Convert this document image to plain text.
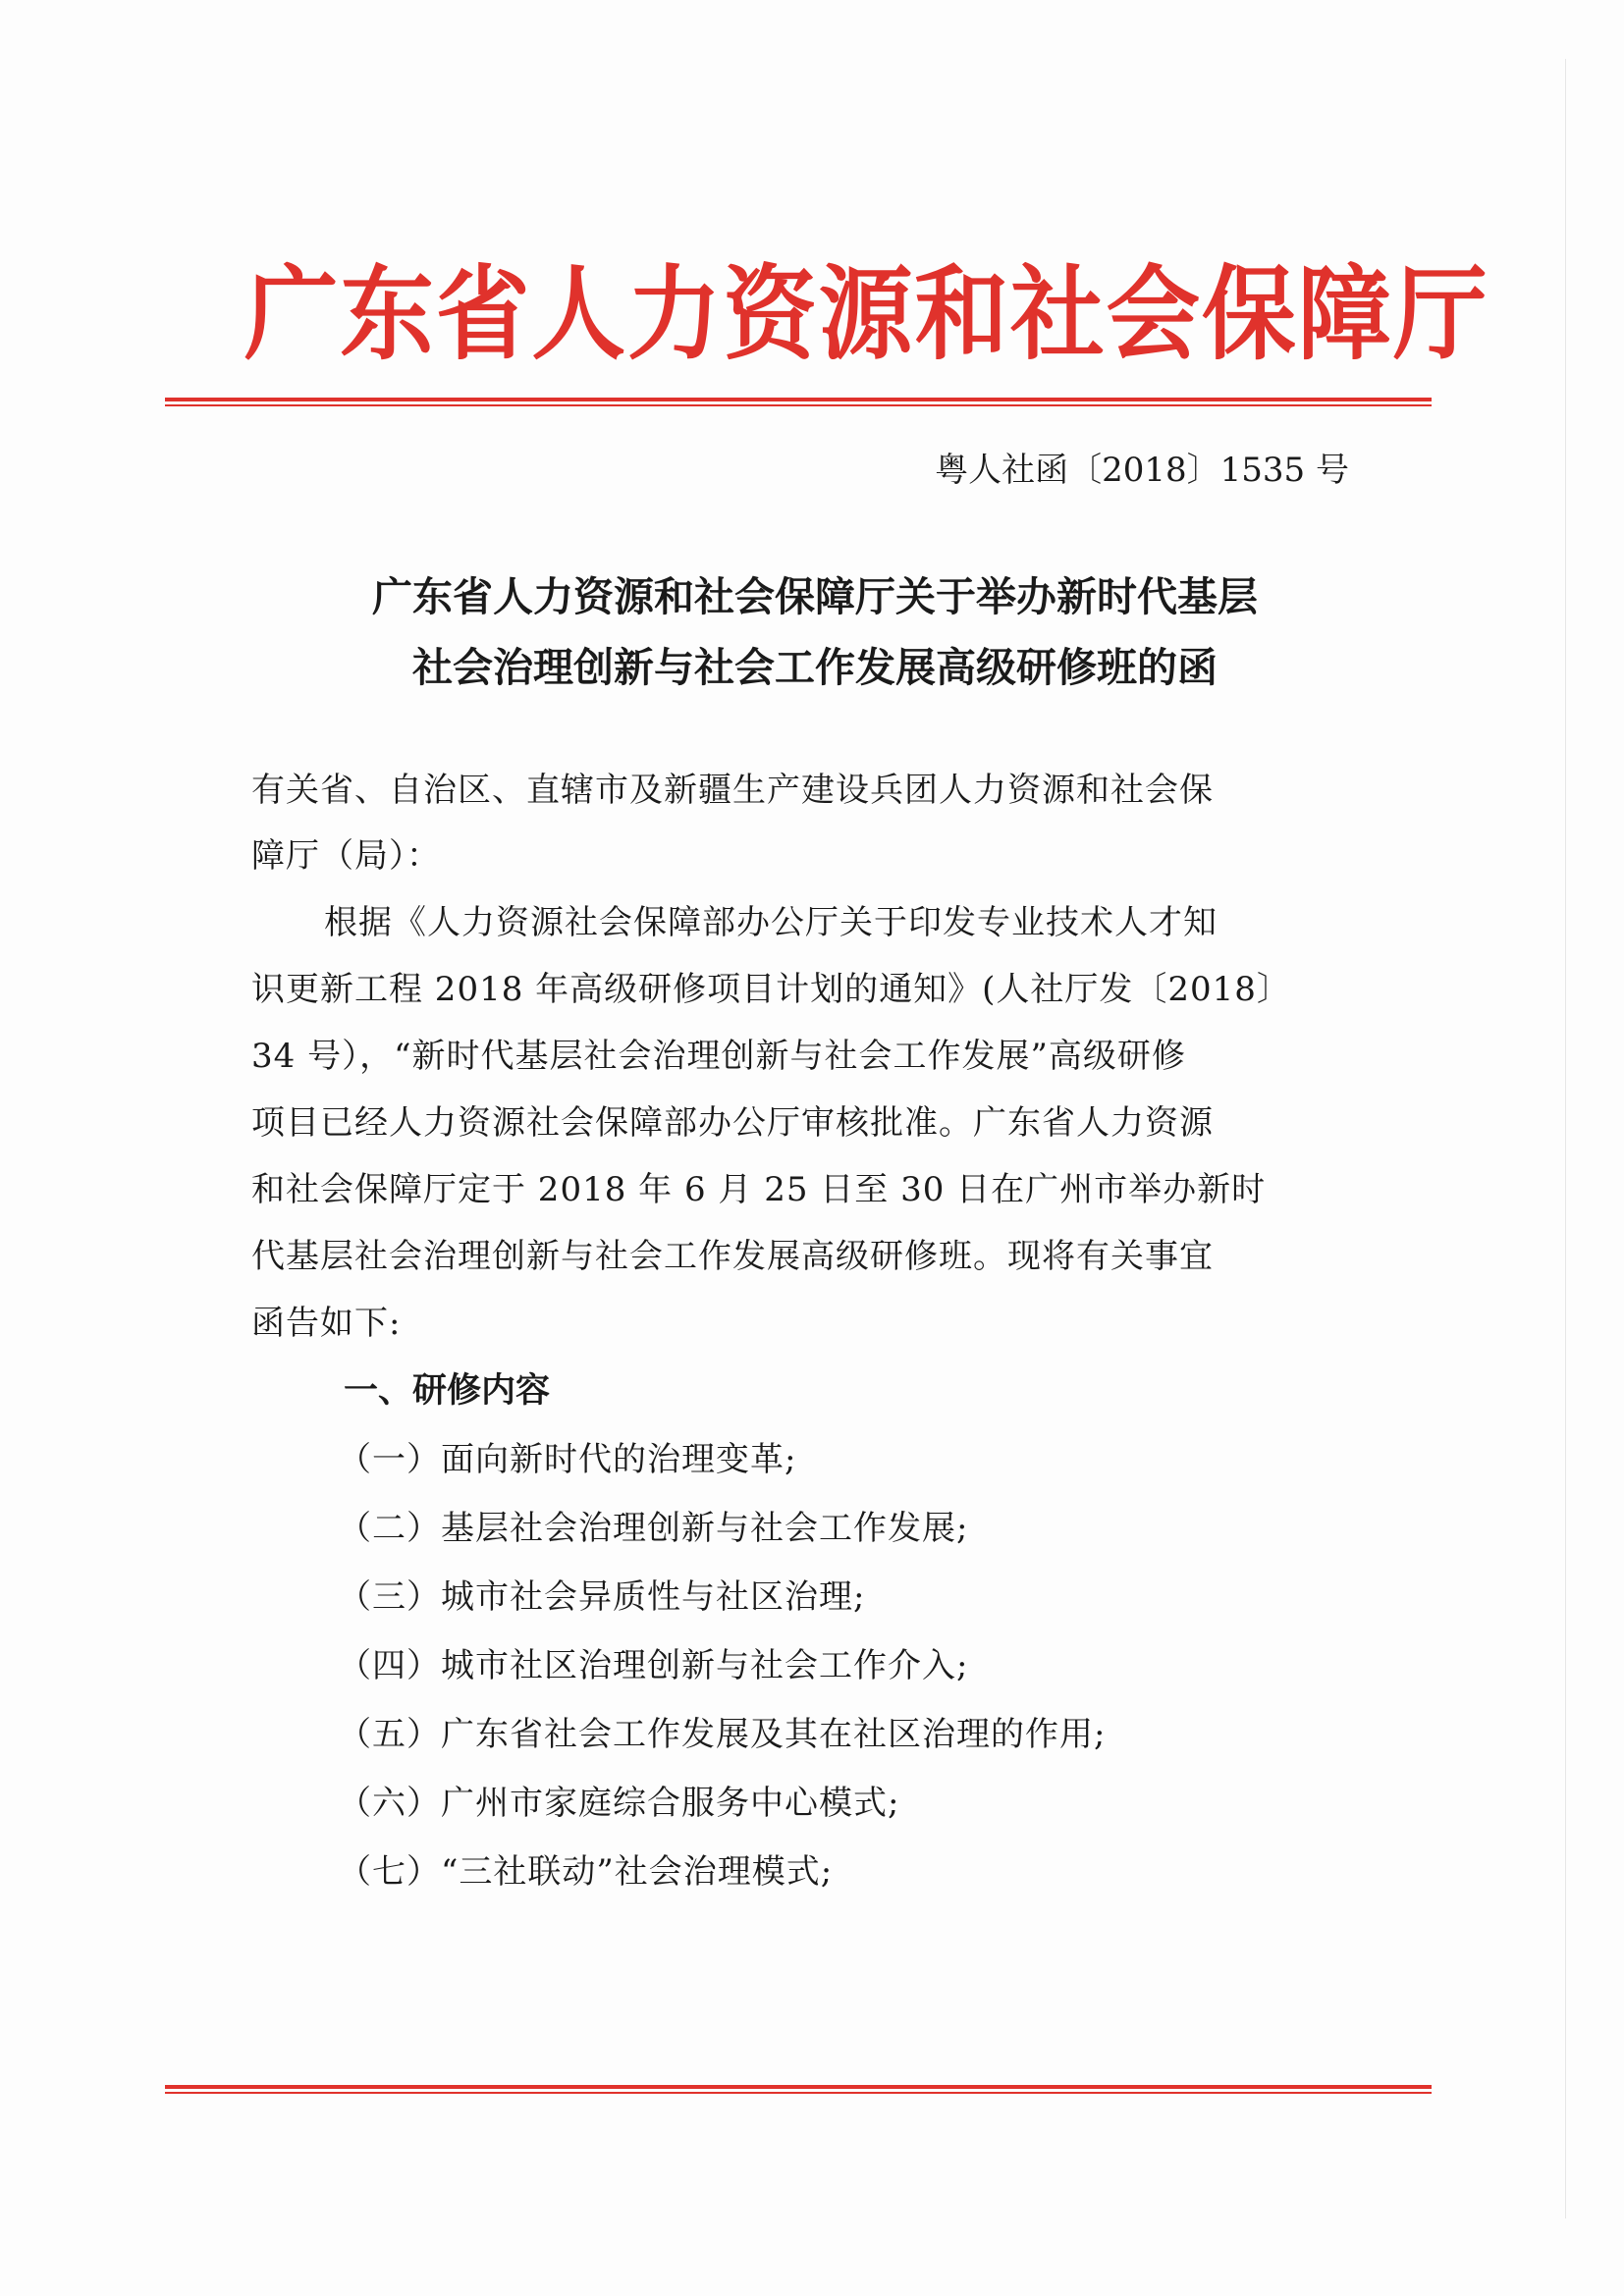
广东省人力资源和社会保障厅
粤人社函〔2018〕1535 号
广东省人力资源和社会保障厅关于举办新时代基层
社会治理创新与社会工作发展高级研修班的函
有关省、自治区、直辖市及新疆生产建设兵团人力资源和社会保
障厅（局）：
根据《人力资源社会保障部办公厅关于印发专业技术人才知
识更新工程 2018 年高级研修项目计划的通知》(人社厅发〔2018〕
34 号），“新时代基层社会治理创新与社会工作发展”高级研修
项目已经人力资源社会保障部办公厅审核批准。广东省人力资源
和社会保障厅定于 2018 年 6 月 25 日至 30 日在广州市举办新时
代基层社会治理创新与社会工作发展高级研修班。现将有关事宜
函告如下:
一、研修内容
（一）面向新时代的治理变革;
（二）基层社会治理创新与社会工作发展;
（三）城市社会异质性与社区治理;
（四）城市社区治理创新与社会工作介入;
（五）广东省社会工作发展及其在社区治理的作用;
（六）广州市家庭综合服务中心模式;
（七）“三社联动”社会治理模式;
